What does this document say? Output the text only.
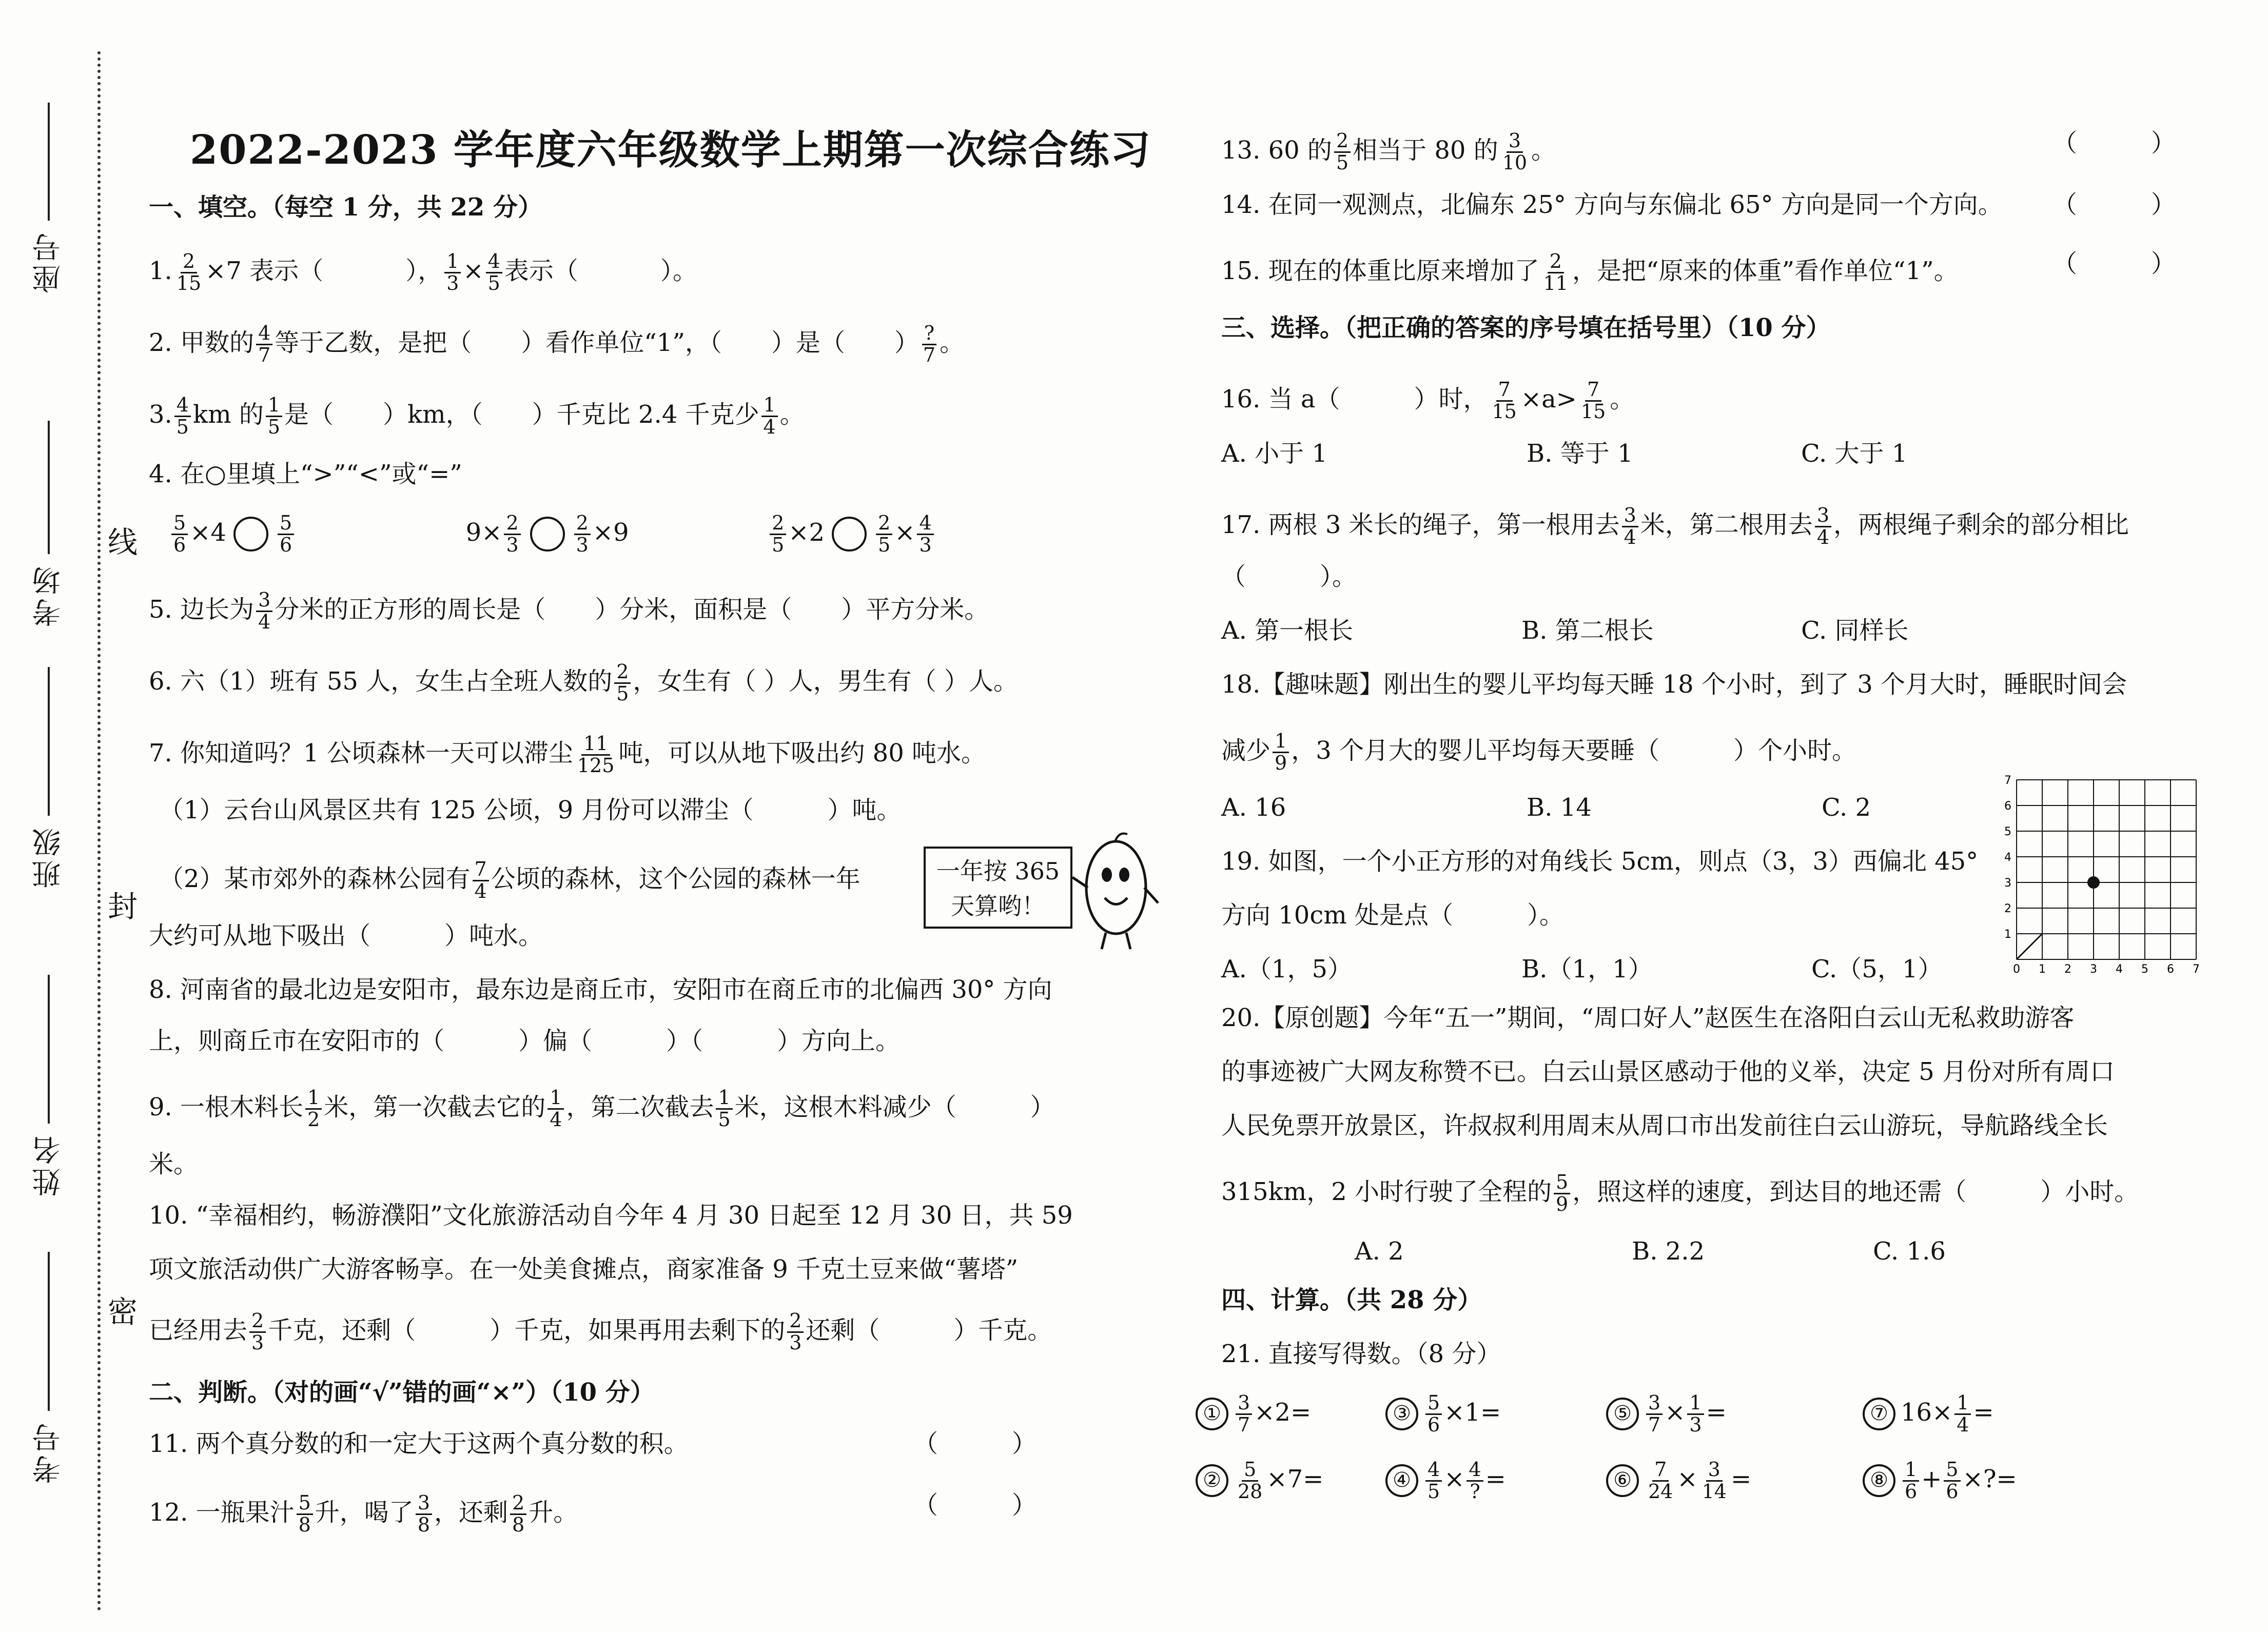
座号
考场
班级
姓名
考号
线
封
密
2022-2023 学年度六年级数学上期第一次综合练习
一、填空。（每空 1 分，共 22 分）
1. $\frac{2}{15} \times 7$ 表示（	）， $\frac{1}{3} \times \frac{4}{5}$ 表示（	）。
2. 甲数的 $\frac{4}{7}$ 等于乙数，是把（　　）看作单位“1”，（　　）是（　　） $\frac{?}{7}$ 。
3. $\frac{4}{5}$ km 的 $\frac{1}{5}$ 是（　　）km，（　　）千克比 2.4 千克少 $\frac{1}{4}$ 。
4. 在○里填上“>”“<”或“=”
$\frac{5}{6} \times 4$	$\frac{5}{6}$	$9\times \frac{2}{3}$	$\frac{2}{3} \times 9$	$\frac{2}{5} \times 2$	$\frac{2}{5} \times \frac{4}{3}$
5. 边长为 $\frac{3}{4}$ 分米的正方形的周长是（　　）分米，面积是（　　）平方分米。
6. 六（1）班有 55 人，女生占全班人数的 $\frac{2}{5}$ ，女生有（ ）人，男生有（ ）人。
7. 你知道吗？1 公顷森林一天可以滞尘 $\frac{11}{125}$ 吨，可以从地下吸出约 80 吨水。
（1）云台山风景区共有 125 公顷，9 月份可以滞尘（　　　）吨。
（2）某市郊外的森林公园有 $\frac{7}{4}$ 公顷的森林，这个公园的森林一年
大约可从地下吸出（　　　）吨水。
一年按 365
天算哟！
8. 河南省的最北边是安阳市，最东边是商丘市，安阳市在商丘市的北偏西 30° 方向
上，则商丘市在安阳市的（　　　）偏（　　　）（　　　）方向上。
9. 一根木料长 $\frac{1}{2}$ 米，第一次截去它的 $\frac{1}{4}$ ，第二次截去 $\frac{1}{5}$ 米，这根木料减少（　　　）
米。
10. “幸福相约，畅游濮阳”文化旅游活动自今年 4 月 30 日起至 12 月 30 日，共 59
项文旅活动供广大游客畅享。在一处美食摊点，商家准备 9 千克土豆来做“薯塔”
已经用去 $\frac{2}{3}$ 千克，还剩（　　　）千克，如果再用去剩下的 $\frac{2}{3}$ 还剩（　　　）千克。
二、判断。（对的画“√”错的画“×”）（10 分）
11. 两个真分数的和一定大于这两个真分数的积。	（　　　）
12. 一瓶果汁 $\frac{5}{8}$ 升，喝了 $\frac{3}{8}$ ，还剩 $\frac{2}{8}$ 升。	（　　　）
13. 60 的 $\frac{2}{5}$ 相当于 80 的 $\frac{3}{10}$ 。	（　　　）
14. 在同一观测点，北偏东 25° 方向与东偏北 65° 方向是同一个方向。 （　　　）
15. 现在的体重比原来增加了 $\frac{2}{11}$ ，是把“原来的体重”看作单位“1”。	（　　　）
三、选择。（把正确的答案的序号填在括号里）（10 分）
16. 当 a（　　　）时， $\frac{7}{15} \times a> \frac{7}{15}$ 。
A. 小于 1	B. 等于 1	C. 大于 1
17. 两根 3 米长的绳子，第一根用去 $\frac{3}{4}$ 米，第二根用去 $\frac{3}{4}$ ，两根绳子剩余的部分相比
（　　　）。
A. 第一根长	B. 第二根长	C. 同样长
18.【趣味题】刚出生的婴儿平均每天睡 18 个小时，到了 3 个月大时，睡眠时间会
减少 $\frac{1}{9}$ ，3 个月大的婴儿平均每天要睡（　　　）个小时。
A. 16	B. 14	C. 2
19. 如图，一个小正方形的对角线长 5cm，则点（3，3）西偏北 45°
方向 10cm 处是点（　　　）。
A.（1，5）	B.（1，1）	C.（5，1）	0 1 2 3 4 5 6 7
1
2
3
4
5
6
7
20.【原创题】今年“五一”期间，“周口好人”赵医生在洛阳白云山无私救助游客
的事迹被广大网友称赞不已。白云山景区感动于他的义举，决定 5 月份对所有周口
人民免票开放景区，许叔叔利用周末从周口市出发前往白云山游玩，导航路线全长
315km，2 小时行驶了全程的 $\frac{5}{9}$ ，照这样的速度，到达目的地还需（　　　）小时。
A. 2	B. 2.2	C. 1.6
四、计算。（共 28 分）
21. 直接写得数。（8 分）
① $\frac{3}{7} \times 2=$	③ $\frac{5}{6} \times 1=$	⑤ $\frac{3}{7} \times \frac{1}{3}$ =	⑦ $16\times \frac{1}{4}$ =
② $\frac{5}{28} \times 7=$	④ $\frac{4}{5} \times \frac{4}{?}$ =	⑥ $\frac{7}{24} \times \frac{3}{14}$ =	⑧ $\frac{1}{6} + \frac{5}{6}$ ×?=
